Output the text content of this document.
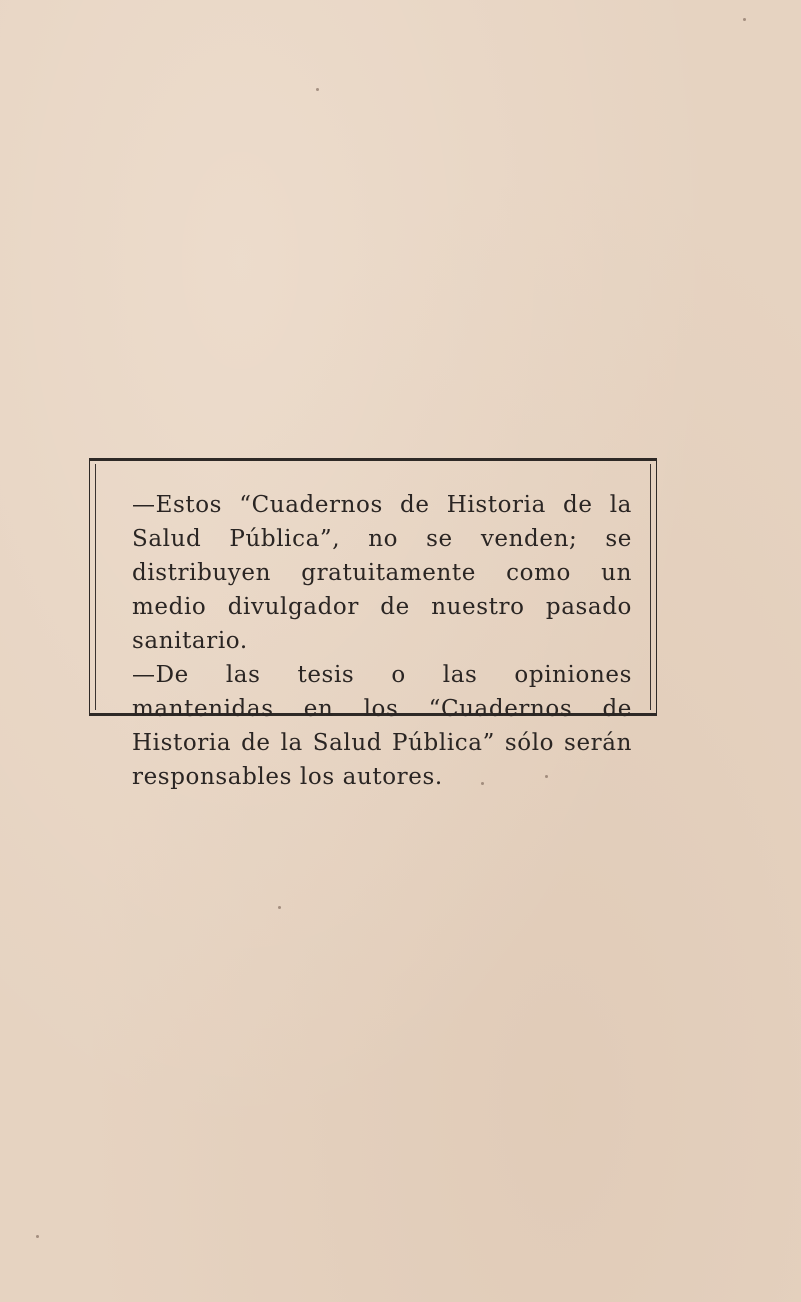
—Estos “Cuadernos de Historia de la Salud Pública”, no se venden; se distribuyen gratuitamente como un medio divulgador de nuestro pasado sanitario.

—De las tesis o las opiniones mantenidas en los “Cuadernos de Historia de la Salud Pública” sólo serán responsables los autores.
